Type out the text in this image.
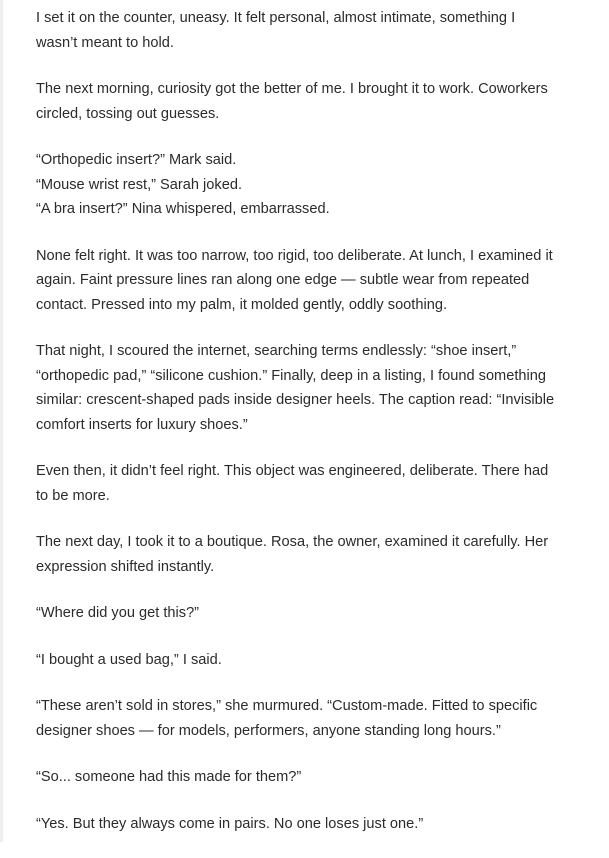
I set it on the counter, uneasy. It felt personal, almost intimate, something I
wasn’t meant to hold.

The next morning, curiosity got the better of me. I brought it to work. Coworkers
circled, tossing out guesses.

“Orthopedic insert?” Mark said.
“Mouse wrist rest,” Sarah joked.
“A bra insert?” Nina whispered, embarrassed.

None felt right. It was too narrow, too rigid, too deliberate. At lunch, I examined it
again. Faint pressure lines ran along one edge — subtle wear from repeated
contact. Pressed into my palm, it molded gently, oddly soothing.

That night, I scoured the internet, searching terms endlessly: “shoe insert,”
“orthopedic pad,” “silicone cushion.” Finally, deep in a listing, I found something
similar: crescent-shaped pads inside designer heels. The caption read: “Invisible
comfort inserts for luxury shoes.”

Even then, it didn’t feel right. This object was engineered, deliberate. There had
to be more.

The next day, I took it to a boutique. Rosa, the owner, examined it carefully. Her
expression shifted instantly.

“Where did you get this?”

“I bought a used bag,” I said.

“These aren’t sold in stores,” she murmured. “Custom-made. Fitted to specific
designer shoes — for models, performers, anyone standing long hours.”

“So... someone had this made for them?”

“Yes. But they always come in pairs. No one loses just one.”
